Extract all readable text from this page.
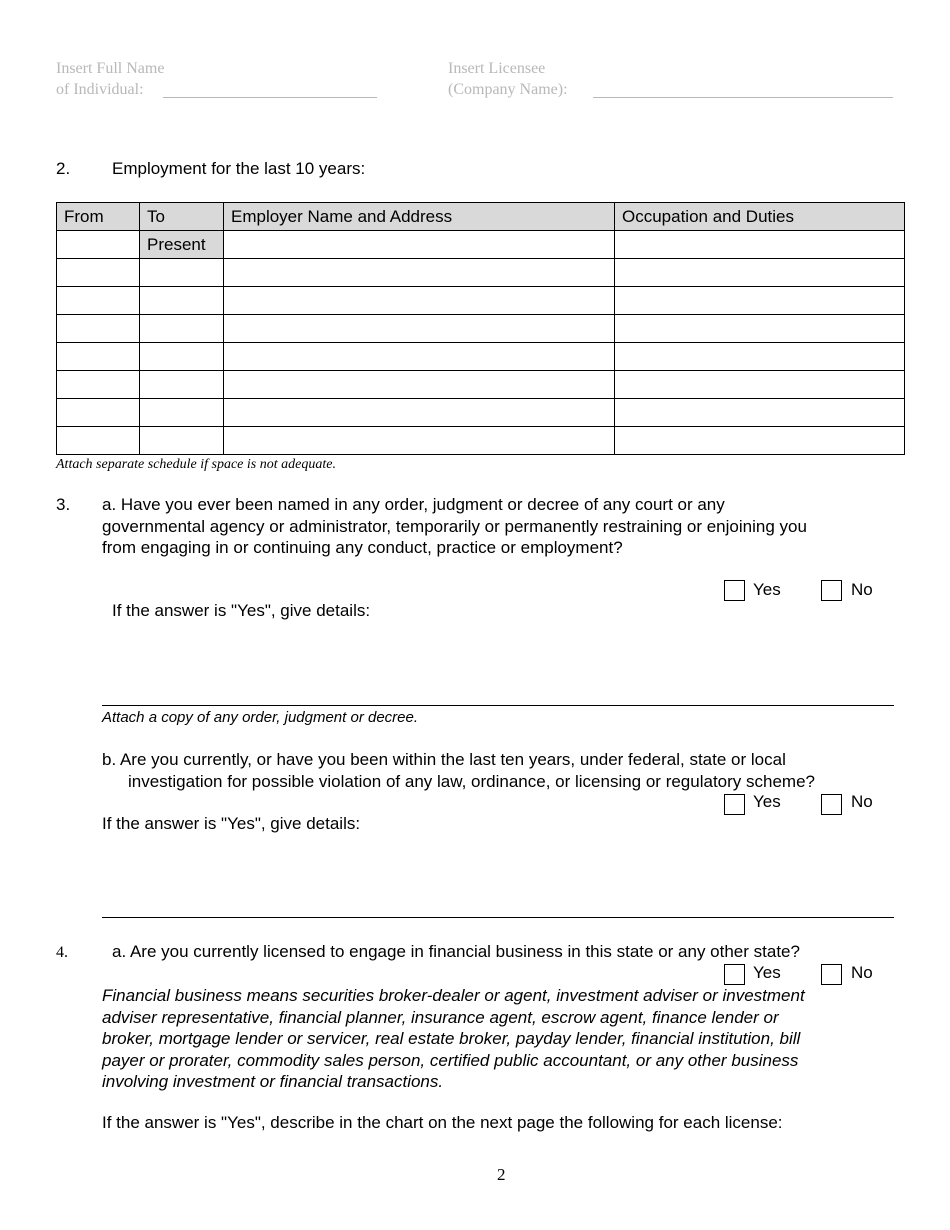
Insert Full Name
of Individual:
Insert Licensee
(Company Name):
2. Employment for the last 10 years:
From	To	Employer Name and Address	Occupation and Duties
	Present		

Attach separate schedule if space is not adequate.
3. a. Have you ever been named in any order, judgment or decree of any court or any
governmental agency or administrator, temporarily or permanently restraining or enjoining you
from engaging in or continuing any conduct, practice or employment?
Yes	No
If the answer is "Yes", give details:
Attach a copy of any order, judgment or decree.
b. Are you currently, or have you been within the last ten years, under federal, state or local
investigation for possible violation of any law, ordinance, or licensing or regulatory scheme?
Yes	No
If the answer is "Yes", give details:
4.	a. Are you currently licensed to engage in financial business in this state or any other state?
Yes	No
Financial business means securities broker-dealer or agent, investment adviser or investment
adviser representative, financial planner, insurance agent, escrow agent, finance lender or
broker, mortgage lender or servicer, real estate broker, payday lender, financial institution, bill
payer or prorater, commodity sales person, certified public accountant, or any other business
involving investment or financial transactions.
If the answer is "Yes", describe in the chart on the next page the following for each license:
2
